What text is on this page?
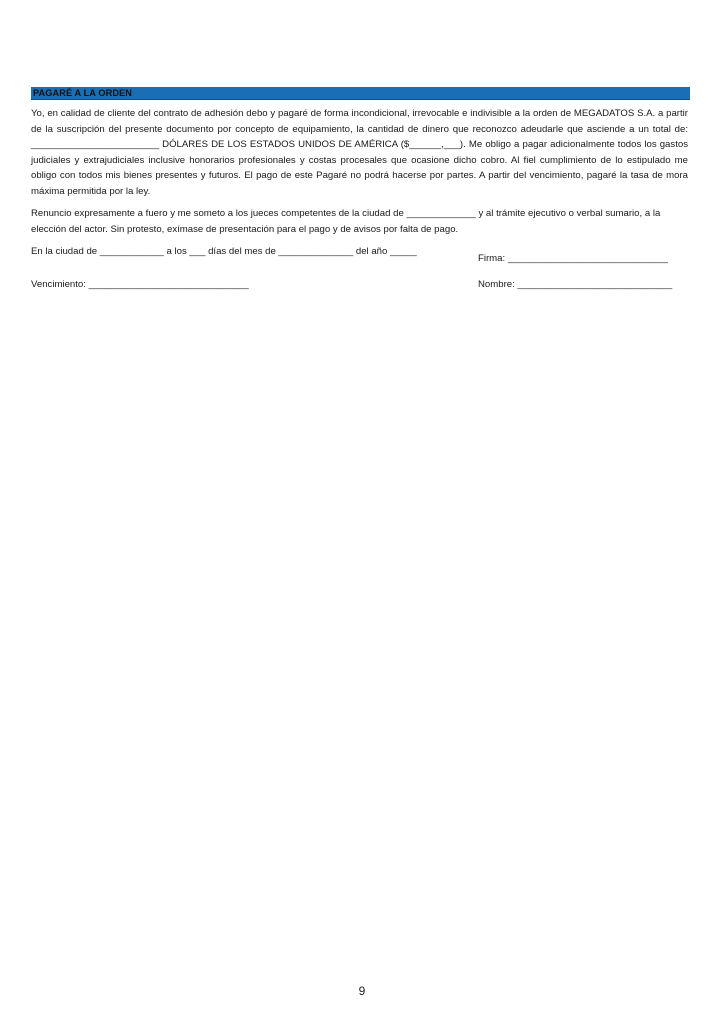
PAGARÉ A LA ORDEN

Yo, en calidad de cliente del contrato de adhesión debo y pagaré de forma incondicional, irrevocable e indivisible a la orden de MEGADATOS S.A. a partir de la suscripción del presente documento por concepto de equipamiento, la cantidad de dinero que reconozco adeudarle que asciende a un total de: ________________________ DÓLARES DE LOS ESTADOS UNIDOS DE AMÉRICA ($______,___). Me obligo a pagar adicionalmente todos los gastos judiciales y extrajudiciales inclusive honorarios profesionales y costas procesales que ocasione dicho cobro. Al fiel cumplimiento de lo estipulado me obligo con todos mis bienes presentes y futuros. El pago de este Pagaré no podrá hacerse por partes. A partir del vencimiento, pagaré la tasa de mora máxima permitida por la ley.

Renuncio expresamente a fuero y me someto a los jueces competentes de la ciudad de _____________ y al trámite ejecutivo o verbal sumario, a la elección del actor. Sin protesto, exímase de presentación para el pago y de avisos por falta de pago.

En la ciudad de ____________ a los ___ días del mes de ______________ del año _____
Vencimiento: ______________________________
Firma: ______________________________
Nombre: _____________________________
9
